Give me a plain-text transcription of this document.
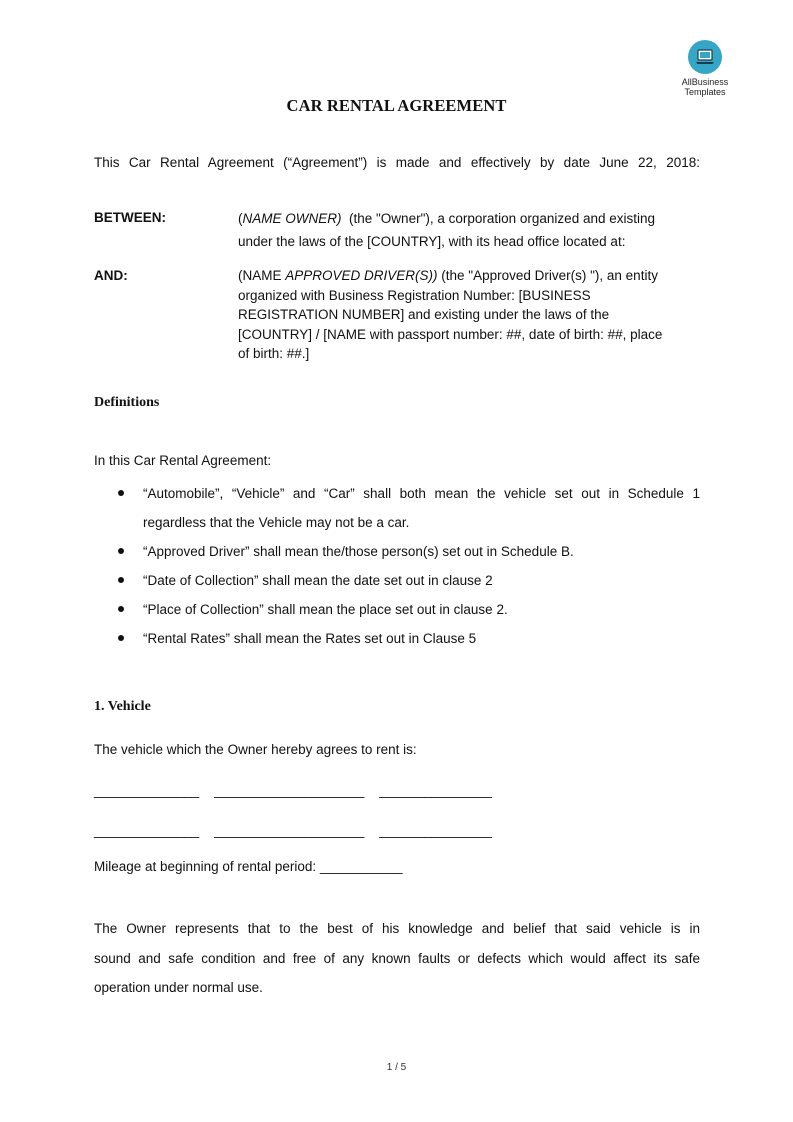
AllBusiness
Templates
CAR RENTAL AGREEMENT
This Car Rental Agreement (“Agreement”) is made and effectively by date June 22, 2018:
BETWEEN:	(NAME OWNER)  (the "Owner"), a corporation organized and existing
under the laws of the [COUNTRY], with its head office located at:
AND:	(NAME APPROVED DRIVER(S)) (the "Approved Driver(s) "), an entity
organized with Business Registration Number: [BUSINESS
REGISTRATION NUMBER] and existing under the laws of the
[COUNTRY] / [NAME with passport number: ##, date of birth: ##, place
of birth: ##.]
Definitions
In this Car Rental Agreement:
“Automobile”, “Vehicle” and “Car” shall both mean the vehicle set out in Schedule 1
regardless that the Vehicle may not be a car.
“Approved Driver” shall mean the/those person(s) set out in Schedule B.
“Date of Collection” shall mean the date set out in clause 2
“Place of Collection” shall mean the place set out in clause 2.
“Rental Rates” shall mean the Rates set out in Clause 5
1. Vehicle
The vehicle which the Owner hereby agrees to rent is:
______________    ____________________    _______________
______________    ____________________    _______________
Mileage at beginning of rental period: ___________
The Owner represents that to the best of his knowledge and belief that said vehicle is in
sound and safe condition and free of any known faults or defects which would affect its safe
operation under normal use.
1 / 5
